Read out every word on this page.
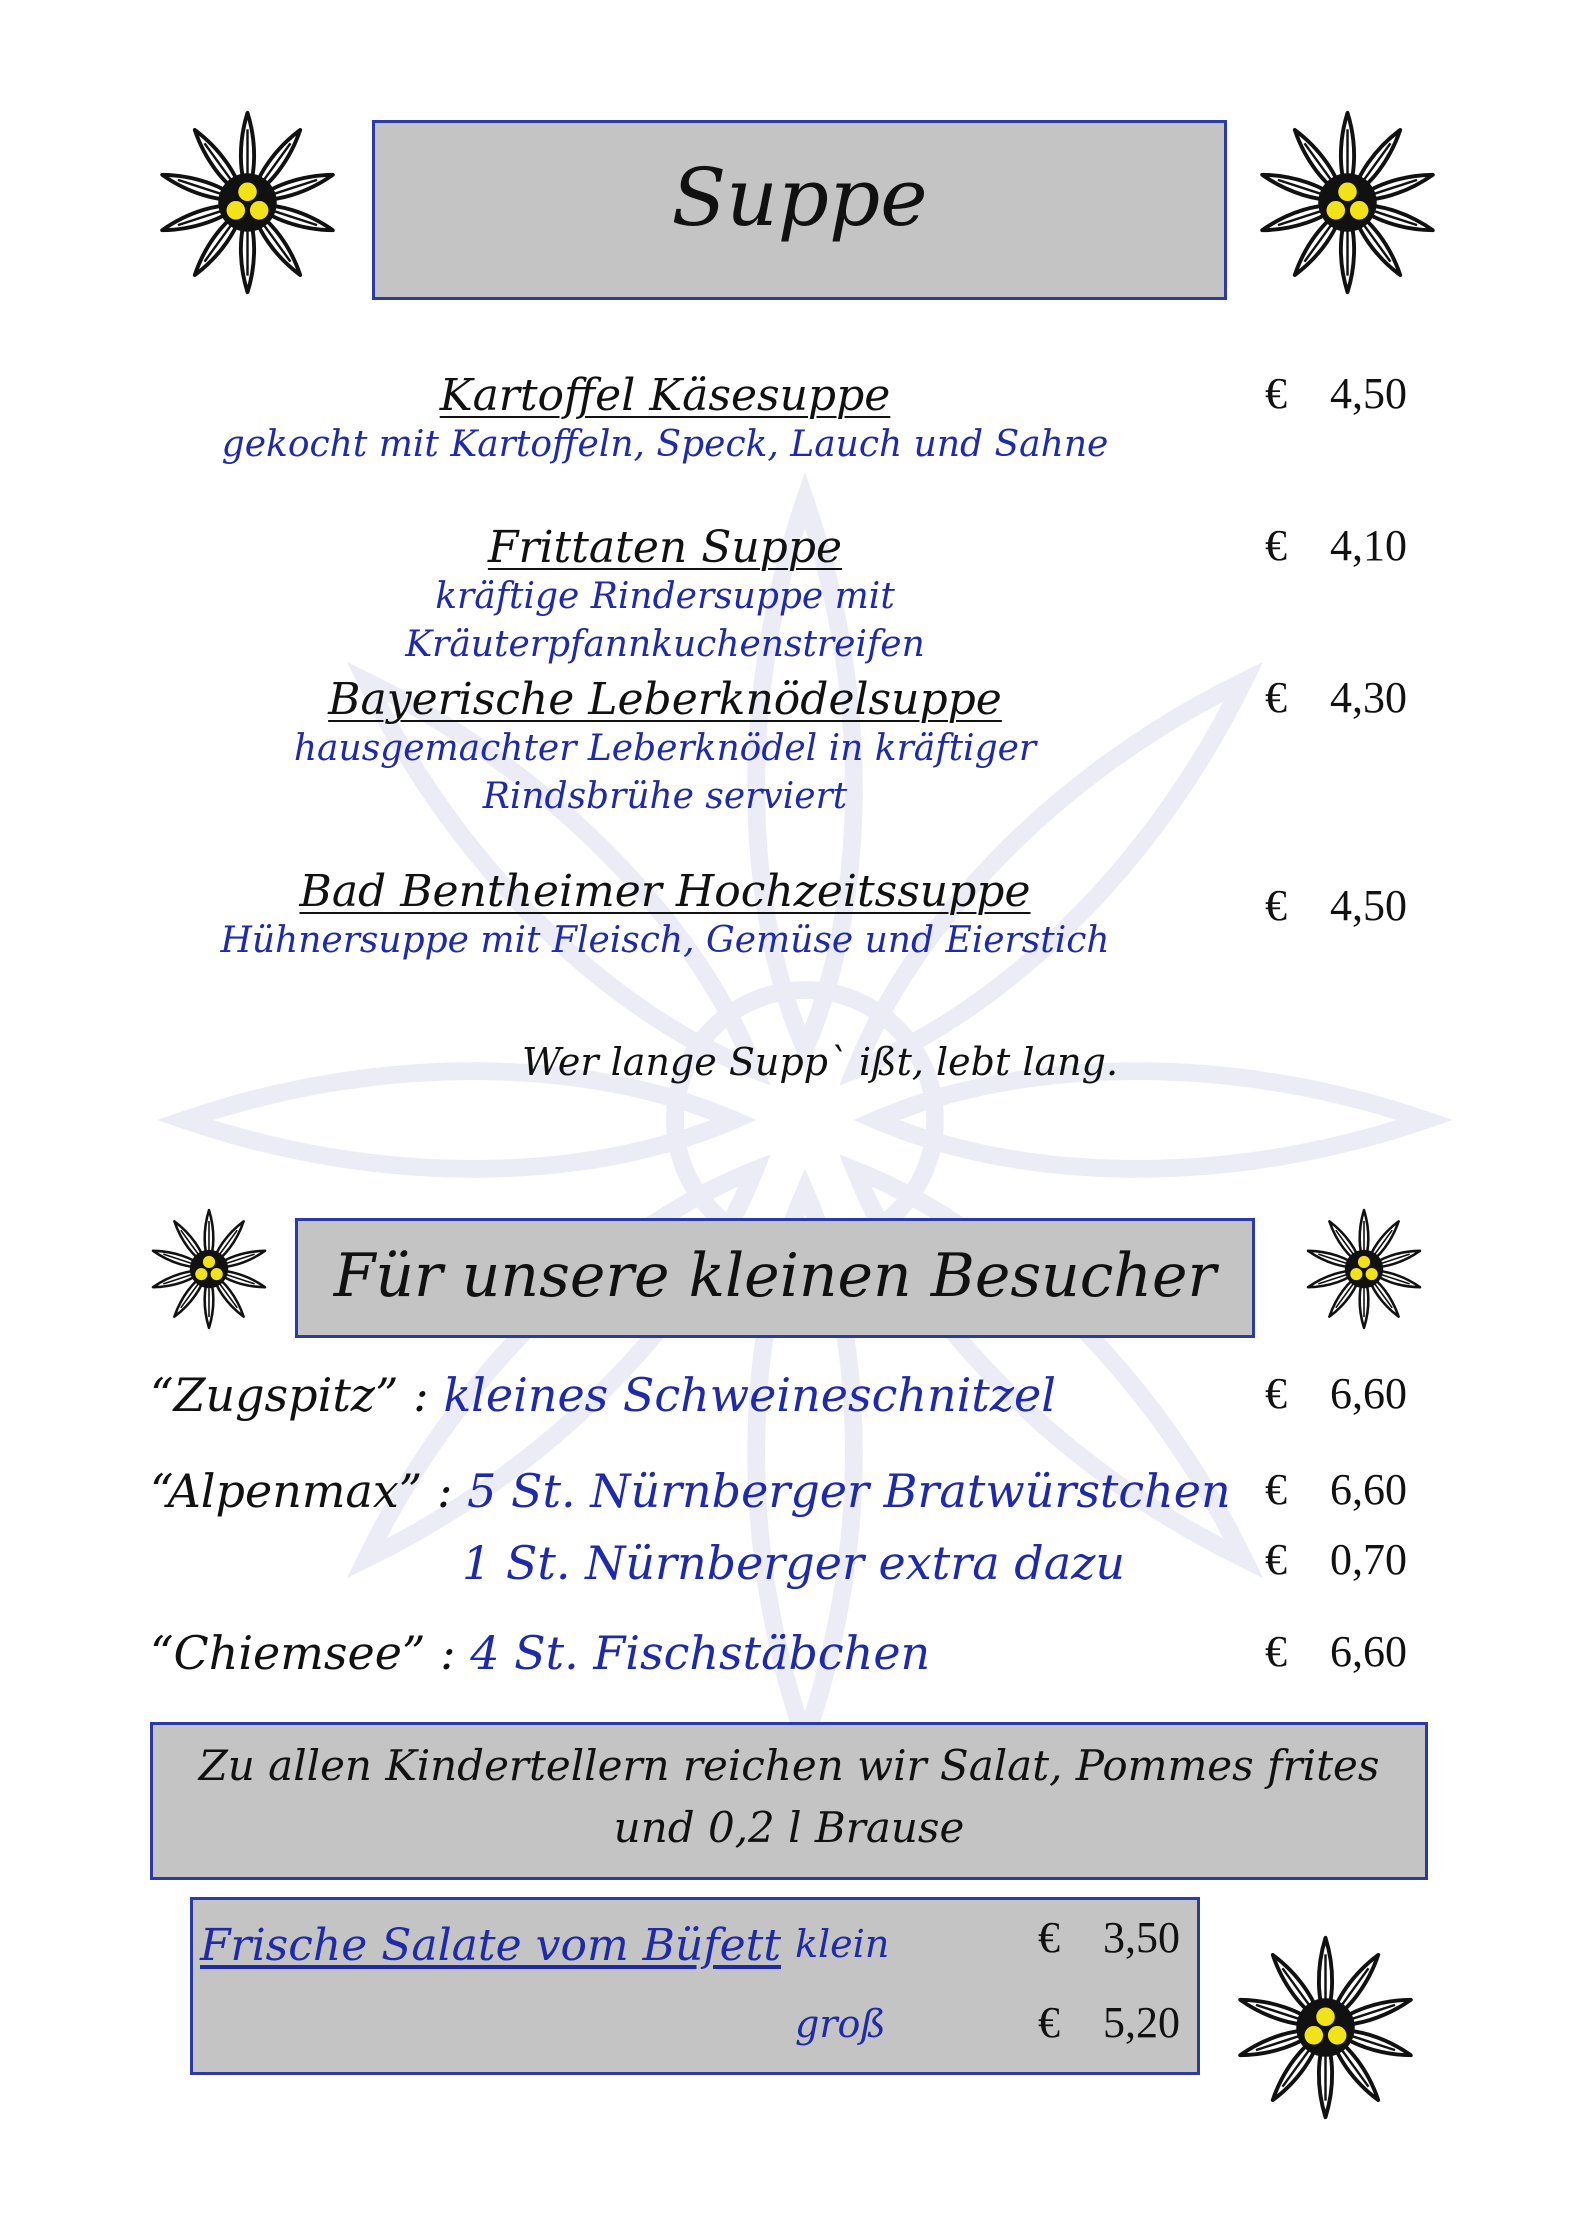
Suppe
Kartoffel Käsesuppe
gekocht mit Kartoffeln, Speck, Lauch und Sahne
€ 4,50
Frittaten Suppe
kräftige Rindersuppe mit Kräuterpfannkuchenstreifen
€ 4,10
Bayerische Leberknödelsuppe
hausgemachter Leberknödel in kräftiger Rindsbrühe serviert
€ 4,30
Bad Bentheimer Hochzeitssuppe
Hühnersuppe mit Fleisch, Gemüse und Eierstich
€ 4,50
Wer lange Supp` ißt, lebt lang.
Für unsere kleinen Besucher
“Zugspitz” : kleines Schweineschnitzel	€ 6,60
“Alpenmax” : 5 St. Nürnberger Bratwürstchen € 6,60
1 St. Nürnberger extra dazu	€ 0,70
“Chiemsee” : 4 St. Fischstäbchen	€ 6,60
Zu allen Kindertellern reichen wir Salat, Pommes frites und 0,2 l Brause
Frische Salate vom Büfett klein	€ 3,50
groß	€ 5,20
